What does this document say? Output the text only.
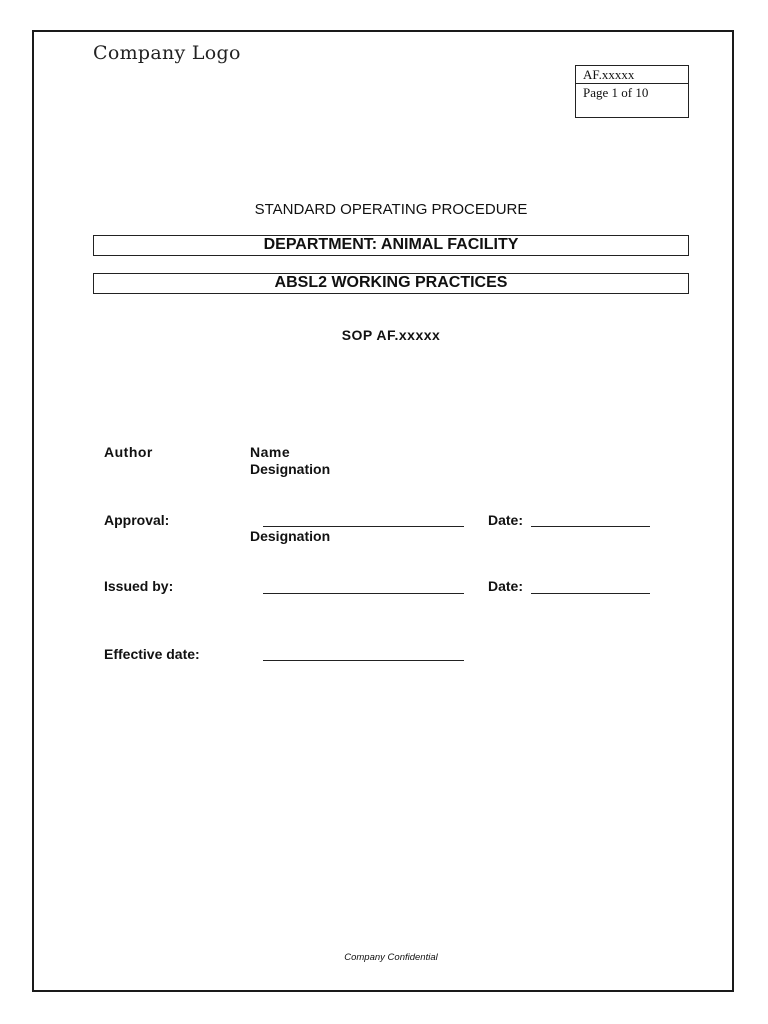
Company Logo
AF.xxxxx
Page 1 of 10
STANDARD OPERATING PROCEDURE
DEPARTMENT: ANIMAL FACILITY
ABSL2 WORKING PRACTICES
SOP AF.xxxxx
Author	Name
Designation
Approval:	Date:
Designation
Issued by:	Date:
Effective date:
Company Confidential
